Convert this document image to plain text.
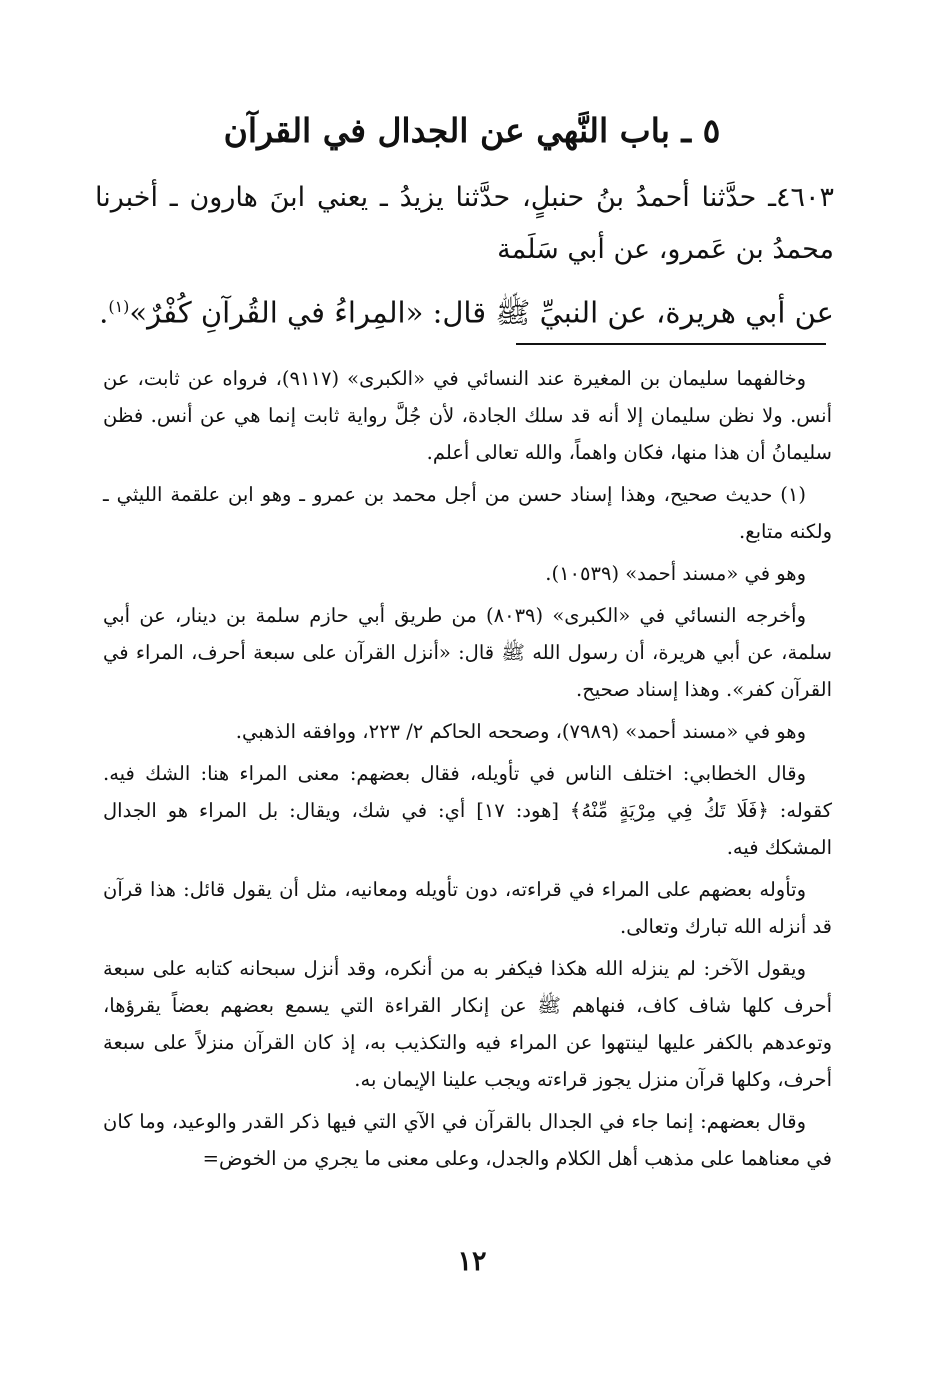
٥ ـ باب النَّهي عن الجدال في القرآن
٤٦٠٣ـ حدَّثنا أحمدُ بنُ حنبلٍ، حدَّثنا يزيدُ ـ يعني ابنَ هارون ـ أخبرنا محمدُ بن عَمرو، عن أبي سَلَمة
عن أبي هريرة، عن النبيِّ ﷺ قال: «المِراءُ في القُرآنِ كُفْرٌ»$^{(١)}$.

وخالفهما سليمان بن المغيرة عند النسائي في «الكبرى» (٩١١٧)، فرواه عن ثابت، عن أنس. ولا نظن سليمان إلا أنه قد سلك الجادة، لأن جُلَّ رواية ثابت إنما هي عن أنس. فظن سليمانُ أن هذا منها، فكان واهماً، والله تعالى أعلم.

(١) حديث صحيح، وهذا إسناد حسن من أجل محمد بن عمرو ـ وهو ابن علقمة الليثي ـ ولكنه متابع.

وهو في «مسند أحمد» (١٠٥٣٩).

وأخرجه النسائي في «الكبرى» (٨٠٣٩) من طريق أبي حازم سلمة بن دينار، عن أبي سلمة، عن أبي هريرة، أن رسول الله ﷺ قال: «أنزل القرآن على سبعة أحرف، المراء في القرآن كفر». وهذا إسناد صحيح.

وهو في «مسند أحمد» (٧٩٨٩)، وصححه الحاكم ٢/ ٢٢٣، ووافقه الذهبي.

وقال الخطابي: اختلف الناس في تأويله، فقال بعضهم: معنى المراء هنا: الشك فيه. كقوله: ﴿فَلَا تَكُ فِي مِرْيَةٍ مِّنْهُ﴾ [هود: ١٧] أي: في شك، ويقال: بل المراء هو الجدال المشكك فيه.

وتأوله بعضهم على المراء في قراءته، دون تأويله ومعانيه، مثل أن يقول قائل: هذا قرآن قد أنزله الله تبارك وتعالى.

ويقول الآخر: لم ينزله الله هكذا فيكفر به من أنكره، وقد أنزل سبحانه كتابه على سبعة أحرف كلها شاف كاف، فنهاهم ﷺ عن إنكار القراءة التي يسمع بعضهم بعضاً يقرؤها، وتوعدهم بالكفر عليها لينتهوا عن المراء فيه والتكذيب به، إذ كان القرآن منزلاً على سبعة أحرف، وكلها قرآن منزل يجوز قراءته ويجب علينا الإيمان به.

وقال بعضهم: إنما جاء في الجدال بالقرآن في الآي التي فيها ذكر القدر والوعيد، وما كان في معناهما على مذهب أهل الكلام والجدل، وعلى معنى ما يجري من الخوض=

١٢
